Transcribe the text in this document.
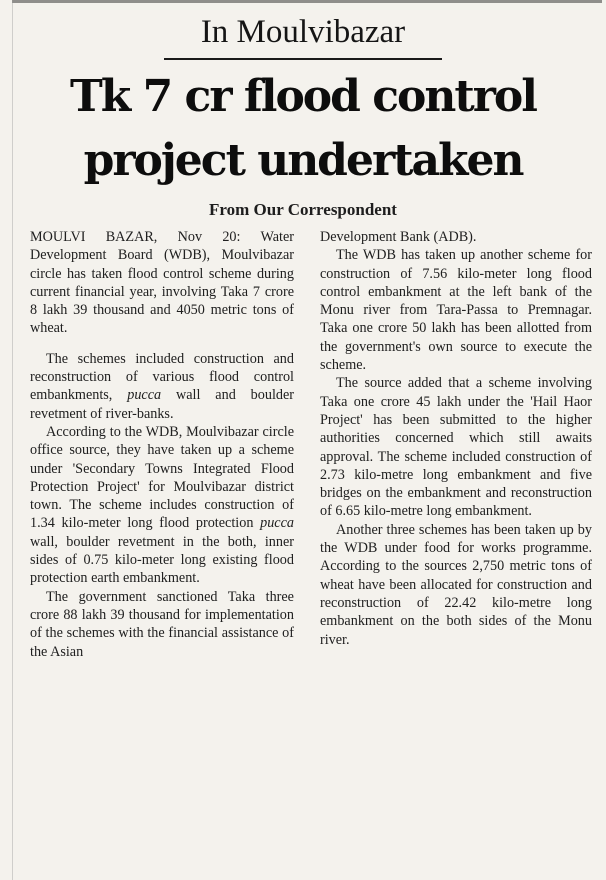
In Moulvibazar
Tk 7 cr flood control
project undertaken
From Our Correspondent

MOULVI BAZAR, Nov 20: Water Development Board (WDB), Moulvibazar circle has taken flood control scheme during current financial year, involving Taka 7 crore 8 lakh 39 thousand and 4050 metric tons of wheat.

The schemes included construction and reconstruction of various flood control embankments, pucca wall and boulder revetment of river-banks.

According to the WDB, Moulvibazar circle office source, they have taken up a scheme under 'Secondary Towns Integrated Flood Protection Project' for Moulvibazar district town. The scheme includes construction of 1.34 kilo-meter long flood protection pucca wall, boulder revetment in the both, inner sides of 0.75 kilo-meter long existing flood protection earth embankment.

The government sanctioned Taka three crore 88 lakh 39 thousand for implementation of the schemes with the financial assistance of the Asian

Development Bank (ADB).

The WDB has taken up another scheme for construction of 7.56 kilo-meter long flood control embankment at the left bank of the Monu river from Tara-Passa to Premnagar. Taka one crore 50 lakh has been allotted from the government's own source to execute the scheme.

The source added that a scheme involving Taka one crore 45 lakh under the 'Hail Haor Project' has been submitted to the higher authorities concerned which still awaits approval. The scheme included construction of 2.73 kilo-metre long embankment and five bridges on the embankment and reconstruction of 6.65 kilo-metre long embankment.

Another three schemes has been taken up by the WDB under food for works programme. According to the sources 2,750 metric tons of wheat have been allocated for construction and reconstruction of 22.42 kilo-metre long embankment on the both sides of the Monu river.
